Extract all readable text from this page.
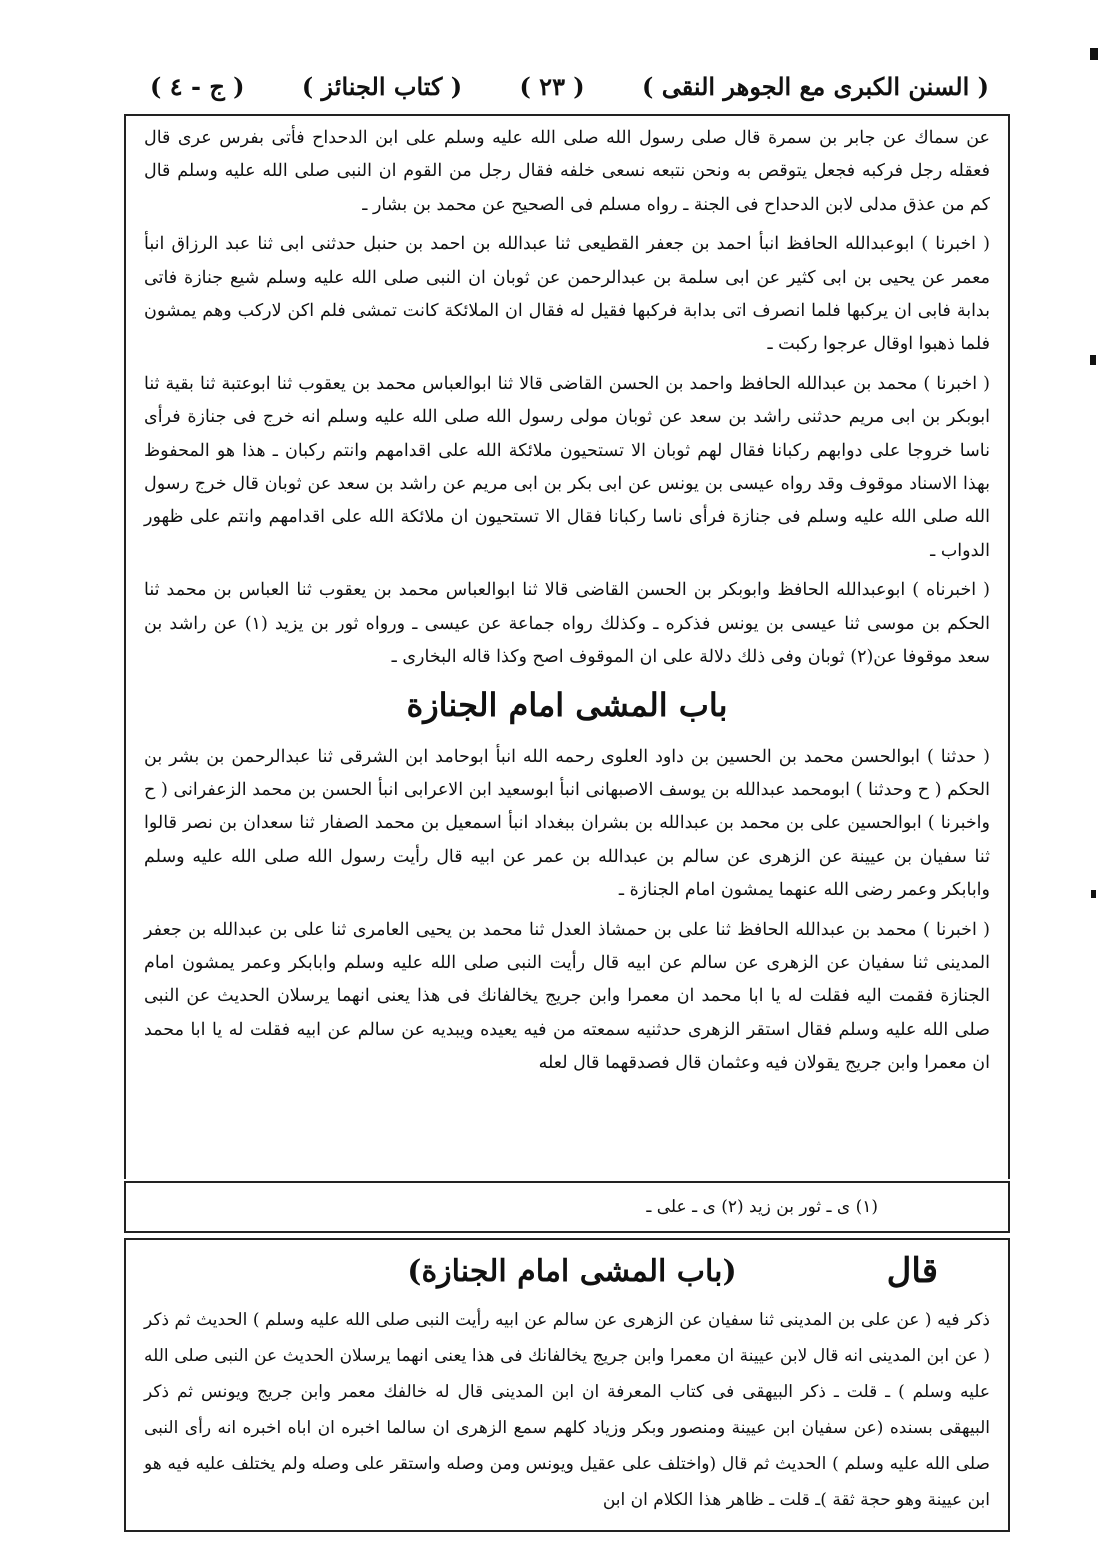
( السنن الكبرى مع الجوهر النقى )
( ٢٣ )
( كتاب الجنائز )
( ج - ٤ )

عن سماك عن جابر بن سمرة قال صلى رسول الله صلى الله عليه وسلم على ابن الدحداح فأتى بفرس عرى قال فعقله رجل فركبه فجعل يتوقص به ونحن نتبعه نسعى خلفه فقال رجل من القوم ان النبى صلى الله عليه وسلم قال كم من عذق مدلى لابن الدحداح فى الجنة ـ رواه مسلم فى الصحيح عن محمد بن بشار ـ

( اخبرنا ) ابوعبدالله الحافظ انبأ احمد بن جعفر القطيعى ثنا عبدالله بن احمد بن حنبل حدثنى ابى ثنا عبد الرزاق انبأ معمر عن يحيى بن ابى كثير عن ابى سلمة بن عبدالرحمن عن ثوبان ان النبى صلى الله عليه وسلم شيع جنازة فاتى بدابة فابى ان يركبها فلما انصرف اتى بدابة فركبها فقيل له فقال ان الملائكة كانت تمشى فلم اكن لاركب وهم يمشون فلما ذهبوا اوقال عرجوا ركبت ـ

( اخبرنا ) محمد بن عبدالله الحافظ واحمد بن الحسن القاضى قالا ثنا ابوالعباس محمد بن يعقوب ثنا ابوعتبة ثنا بقية ثنا ابوبكر بن ابى مريم حدثنى راشد بن سعد عن ثوبان مولى رسول الله صلى الله عليه وسلم انه خرج فى جنازة فرأى ناسا خروجا على دوابهم ركبانا فقال لهم ثوبان الا تستحيون ملائكة الله على اقدامهم وانتم ركبان ـ هذا هو المحفوظ بهذا الاسناد موقوف وقد رواه عيسى بن يونس عن ابى بكر بن ابى مريم عن راشد بن سعد عن ثوبان قال خرج رسول الله صلى الله عليه وسلم فى جنازة فرأى ناسا ركبانا فقال الا تستحيون ان ملائكة الله على اقدامهم وانتم على ظهور الدواب ـ

( اخبرناه ) ابوعبدالله الحافظ وابوبكر بن الحسن القاضى قالا ثنا ابوالعباس محمد بن يعقوب ثنا العباس بن محمد ثنا الحكم بن موسى ثنا عيسى بن يونس فذكره ـ وكذلك رواه جماعة عن عيسى ـ ورواه ثور بن يزيد (١) عن راشد بن سعد موقوفا عن(٢) ثوبان وفى ذلك دلالة على ان الموقوف اصح وكذا قاله البخارى ـ

باب المشى امام الجنازة

( حدثنا ) ابوالحسن محمد بن الحسين بن داود العلوى رحمه الله انبأ ابوحامد ابن الشرقى ثنا عبدالرحمن بن بشر بن الحكم ( ح وحدثنا ) ابومحمد عبدالله بن يوسف الاصبهانى انبأ ابوسعيد ابن الاعرابى انبأ الحسن بن محمد الزعفرانى ( ح واخبرنا ) ابوالحسين على بن محمد بن عبدالله بن بشران ببغداد انبأ اسمعيل بن محمد الصفار ثنا سعدان بن نصر قالوا ثنا سفيان بن عيينة عن الزهرى عن سالم بن عبدالله بن عمر عن ابيه قال رأيت رسول الله صلى الله عليه وسلم وابابكر وعمر رضى الله عنهما يمشون امام الجنازة ـ

( اخبرنا ) محمد بن عبدالله الحافظ ثنا على بن حمشاذ العدل ثنا محمد بن يحيى العامرى ثنا على بن عبدالله بن جعفر المدينى ثنا سفيان عن الزهرى عن سالم عن ابيه قال رأيت النبى صلى الله عليه وسلم وابابكر وعمر يمشون امام الجنازة فقمت اليه فقلت له يا ابا محمد ان معمرا وابن جريج يخالفانك فى هذا يعنى انهما يرسلان الحديث عن النبى صلى الله عليه وسلم فقال استقر الزهرى حدثنيه سمعته من فيه يعيده ويبديه عن سالم عن ابيه فقلت له يا ابا محمد ان معمرا وابن جريج يقولان فيه وعثمان قال فصدقهما قال لعله

(١) ى ـ ثور بن زيد (٢) ى ـ على ـ

قال
(باب المشى امام الجنازة)

ذكر فيه ( عن على بن المدينى ثنا سفيان عن الزهرى عن سالم عن ابيه رأيت النبى صلى الله عليه وسلم ) الحديث ثم ذكر ( عن ابن المدينى انه قال لابن عيينة ان معمرا وابن جريج يخالفانك فى هذا يعنى انهما يرسلان الحديث عن النبى صلى الله عليه وسلم ) ـ قلت ـ ذكر البيهقى فى كتاب المعرفة ان ابن المدينى قال له خالفك معمر وابن جريج ويونس ثم ذكر البيهقى بسنده (عن سفيان ابن عيينة ومنصور وبكر وزياد كلهم سمع الزهرى ان سالما اخبره ان اباه اخبره انه رأى النبى صلى الله عليه وسلم ) الحديث ثم قال (واختلف على عقيل ويونس ومن وصله واستقر على وصله ولم يختلف عليه فيه هو ابن عيينة وهو حجة ثقة )ـ قلت ـ ظاهر هذا الكلام ان ابن
